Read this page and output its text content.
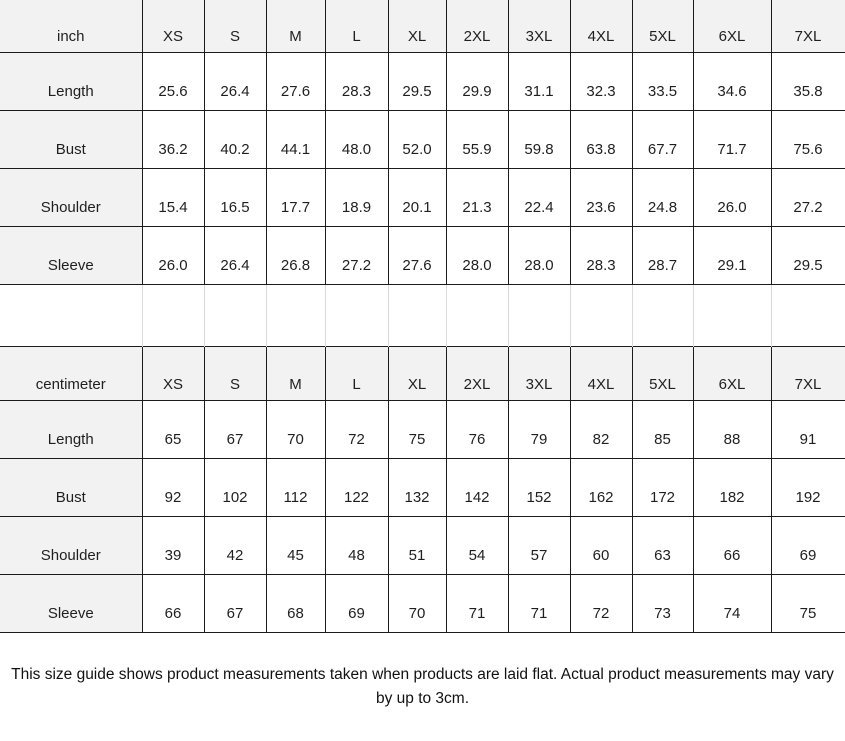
inch	XS	S	M	L	XL	2XL	3XL	4XL	5XL	6XL	7XL
Length	25.6	26.4	27.6	28.3	29.5	29.9	31.1	32.3	33.5	34.6	35.8
Bust	36.2	40.2	44.1	48.0	52.0	55.9	59.8	63.8	67.7	71.7	75.6
Shoulder	15.4	16.5	17.7	18.9	20.1	21.3	22.4	23.6	24.8	26.0	27.2
Sleeve	26.0	26.4	26.8	27.2	27.6	28.0	28.0	28.3	28.7	29.1	29.5

centimeter	XS	S	M	L	XL	2XL	3XL	4XL	5XL	6XL	7XL
Length	65	67	70	72	75	76	79	82	85	88	91
Bust	92	102	112	122	132	142	152	162	172	182	192
Shoulder	39	42	45	48	51	54	57	60	63	66	69
Sleeve	66	67	68	69	70	71	71	72	73	74	75
This size guide shows product measurements taken when products are laid flat. Actual product measurements may vary by up to 3cm.
